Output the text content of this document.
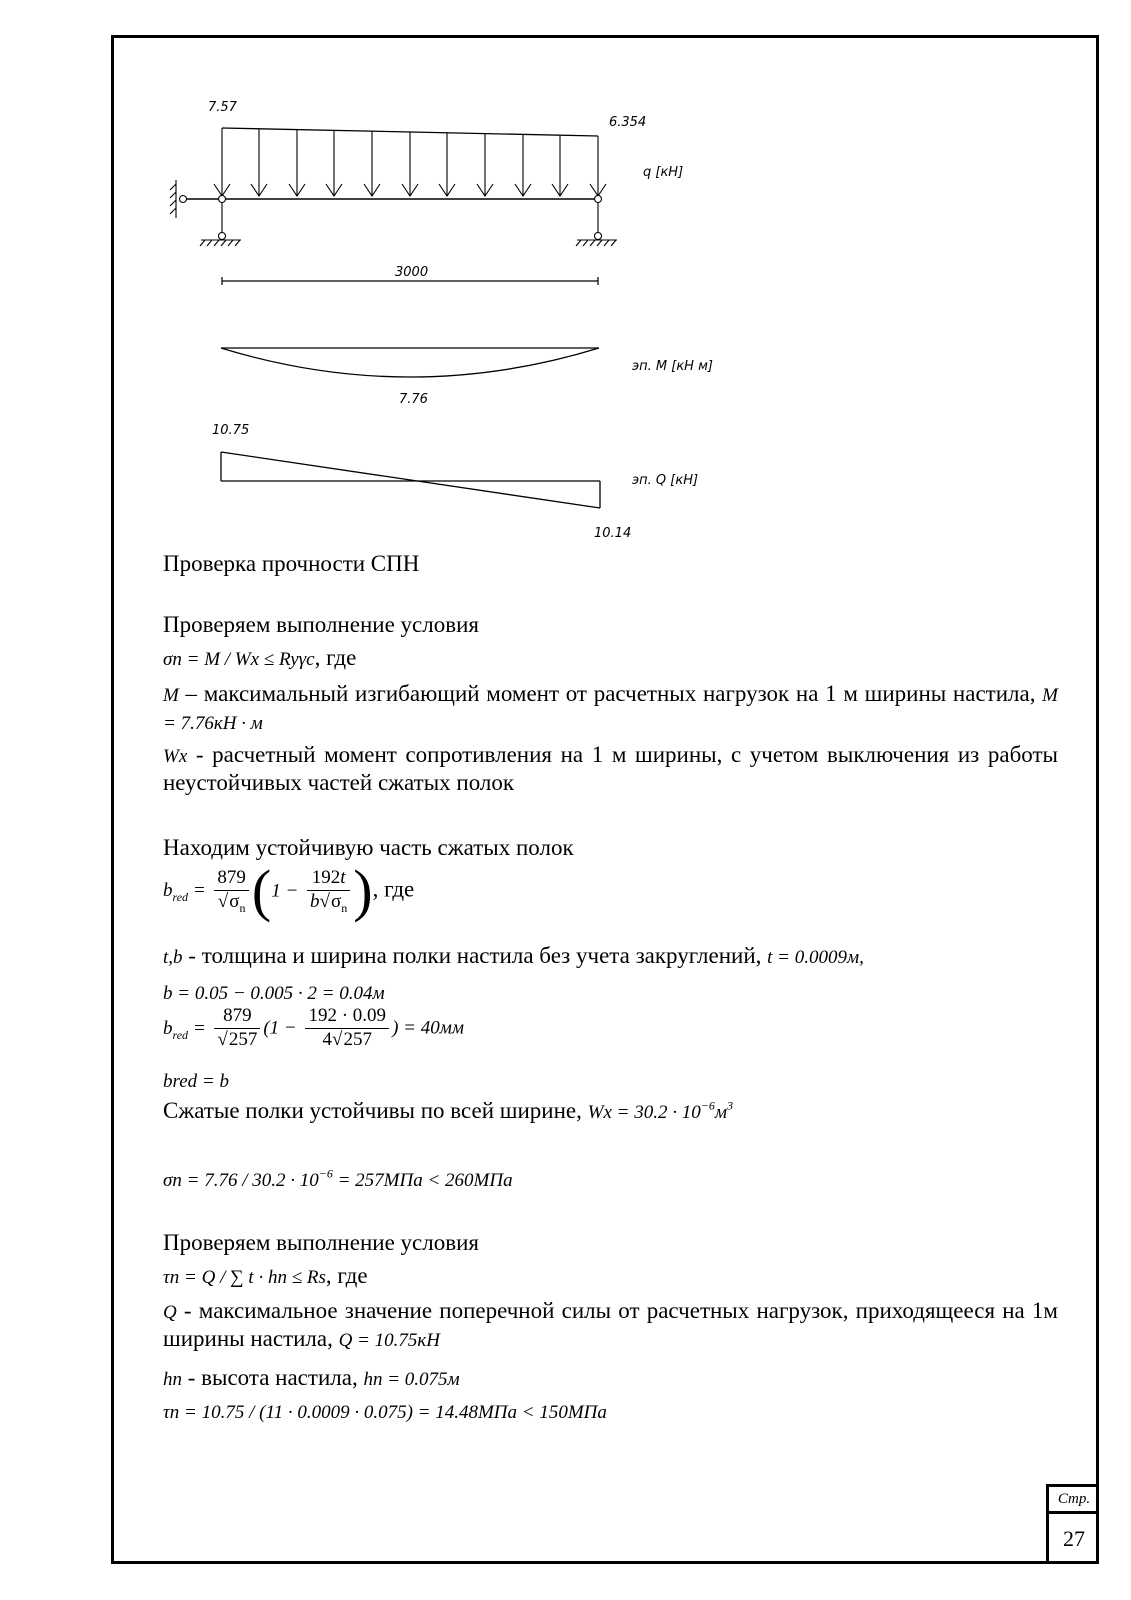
7.57
6.354
q [кН]
3000
эп. M [кН м]
7.76
10.75
эп. Q [кН]
10.14
Проверка прочности СПН
Проверяем выполнение условия
σn = M / Wx ≤ Ryγc, где
M – максимальный изгибающий момент от расчетных нагрузок на 1 м ширины настила, M = 7.76кН · м
Wx - расчетный момент сопротивления на 1 м ширины, с учетом выключения из работы неустойчивых частей сжатых полок
Находим устойчивую часть сжатых полок
$b_{red} = \frac{879}{√\sigma_n} (1 - \frac{192t}{b√\sigma_n}$ ), где
t,b - толщина и ширина полки настила без учета закруглений, t = 0.0009м,
b = 0.05 − 0.005 · 2 = 0.04м
$b_{red} = \frac{879}{√257} (1 - \frac{192 \cdot 0.09}{4√257}$ ) = 40мм
bred = b
Сжатые полки устойчивы по всей ширине, $Wx = 30.2 \cdot 10^{-6}м^3$
$\sigma n = 7.76 / 30.2 \cdot 10^{-6} = 257МПа < 260МПа$
Проверяем выполнение условия
τn = Q / ∑ t · hn ≤ Rs, где
Q - максимальное значение поперечной силы от расчетных нагрузок, приходящееся на 1м ширины настила, Q = 10.75кН
hn - высота настила, hn = 0.075м
τn = 10.75 / (11 · 0.0009 · 0.075) = 14.48МПа < 150МПа
Стр.
27
